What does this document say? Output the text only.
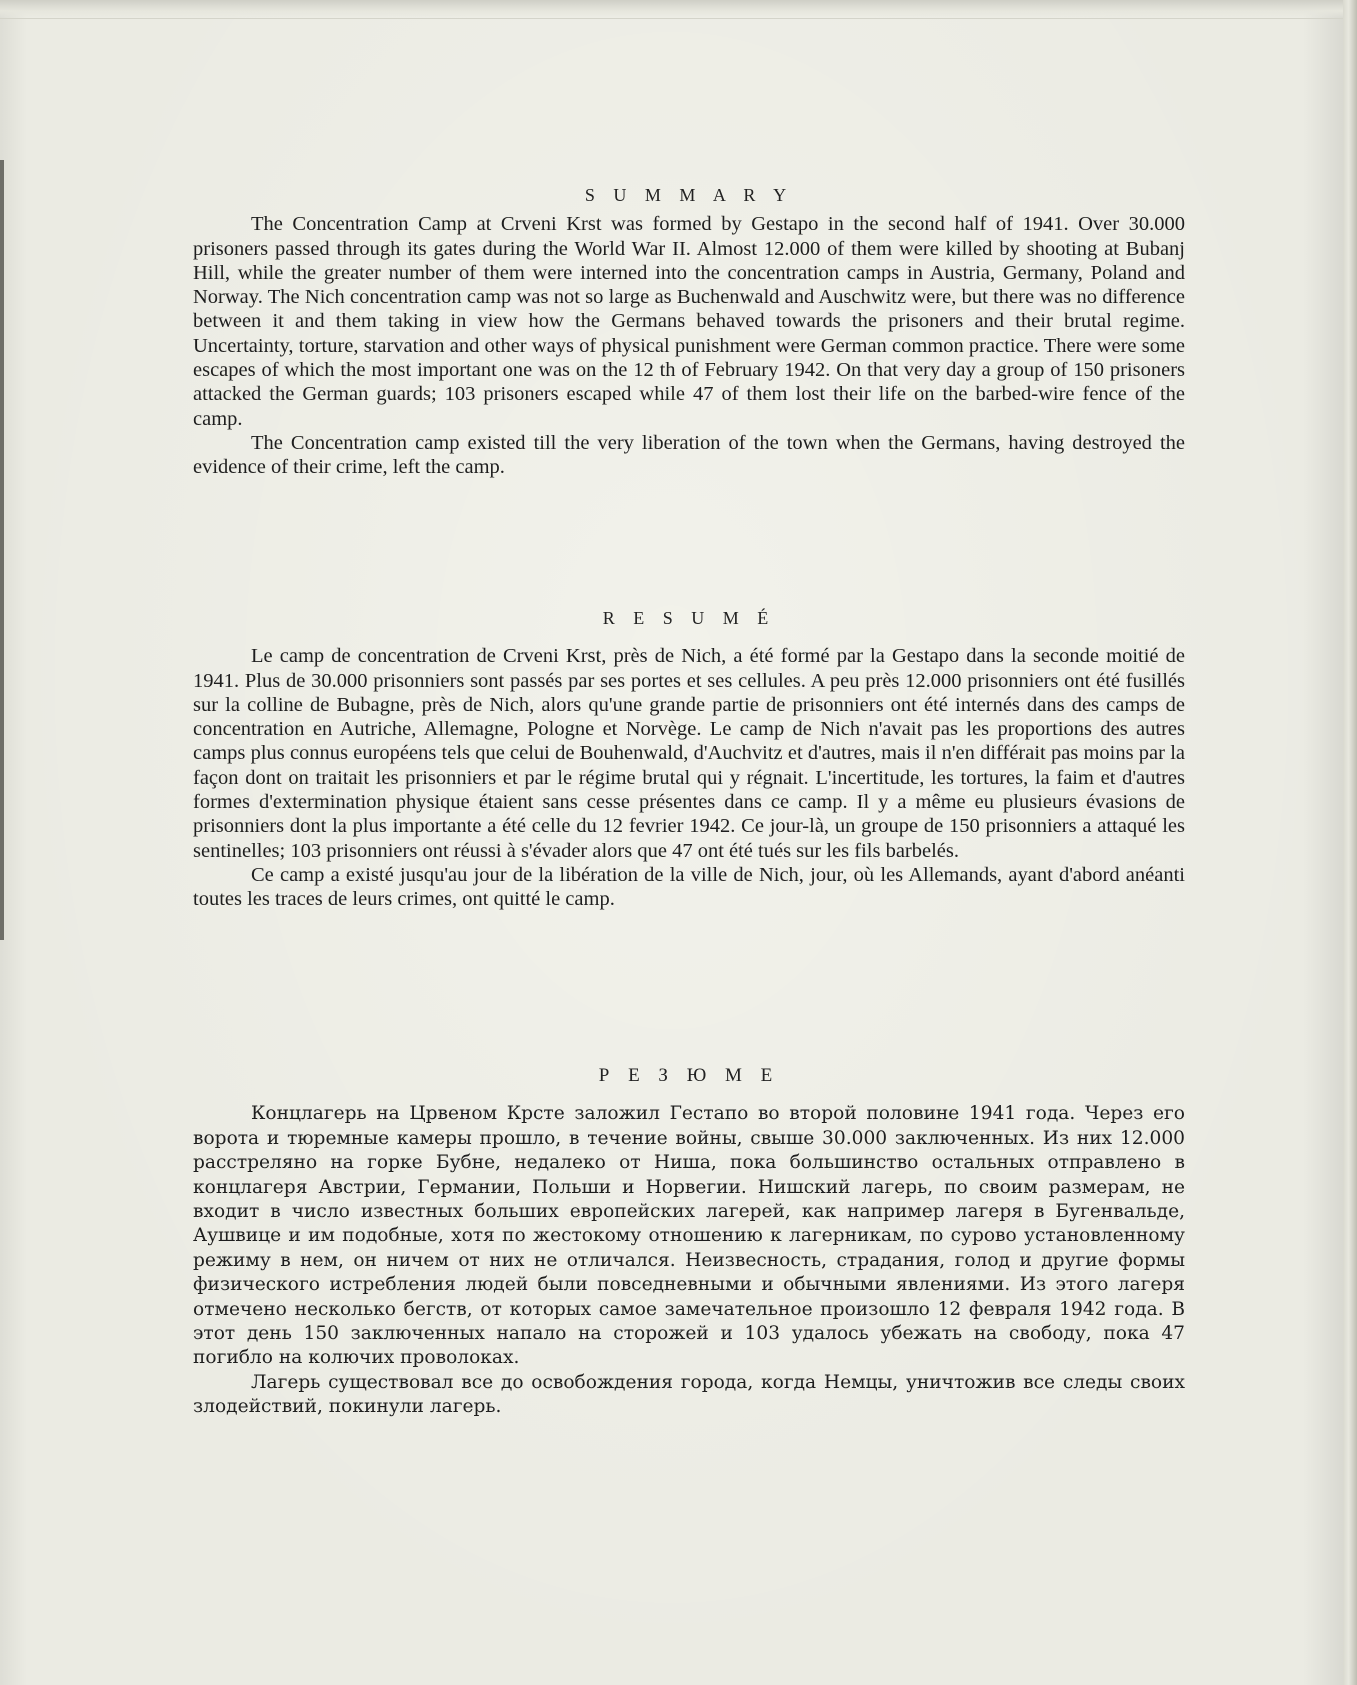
S U M M A R Y

The Concentration Camp at Crveni Krst was formed by Gestapo in the second half of 1941. Over 30.000 prisoners passed through its gates during the World War II. Almost 12.000 of them were killed by shooting at Bubanj Hill, while the greater number of them were interned into the concentration camps in Austria, Germany, Poland and Norway. The Nich concentration camp was not so large as Buchenwald and Auschwitz were, but there was no difference between it and them taking in view how the Germans behaved towards the prisoners and their brutal regime. Uncertainty, torture, starvation and other ways of physical punishment were German common practice. There were some escapes of which the most important one was on the 12 th of February 1942. On that very day a group of 150 prisoners attacked the German guards; 103 prisoners escaped while 47 of them lost their life on the barbed-wire fence of the camp.

The Concentration camp existed till the very liberation of the town when the Germans, having destroyed the evidence of their crime, left the camp.

R E S U M É

Le camp de concentration de Crveni Krst, près de Nich, a été formé par la Gestapo dans la seconde moitié de 1941. Plus de 30.000 prisonniers sont passés par ses portes et ses cellules. A peu près 12.000 prisonniers ont été fusillés sur la colline de Bubagne, près de Nich, alors qu'une grande partie de prisonniers ont été internés dans des camps de concentration en Autriche, Allemagne, Pologne et Norvège. Le camp de Nich n'avait pas les proportions des autres camps plus connus européens tels que celui de Bouhenwald, d'Auchvitz et d'autres, mais il n'en différait pas moins par la façon dont on traitait les prisonniers et par le régime brutal qui y régnait. L'incertitude, les tortures, la faim et d'autres formes d'extermination physique étaient sans cesse présentes dans ce camp. Il y a même eu plusieurs évasions de prisonniers dont la plus importante a été celle du 12 fevrier 1942. Ce jour-là, un groupe de 150 prisonniers a attaqué les sentinelles; 103 prisonniers ont réussi à s'évader alors que 47 ont été tués sur les fils barbelés.

Ce camp a existé jusqu'au jour de la libération de la ville de Nich, jour, où les Allemands, ayant d'abord anéanti toutes les traces de leurs crimes, ont quitté le camp.

Р Е З Ю М Е

Концлагерь на Црвеном Крсте заложил Гестапо во второй половине 1941 года. Через его ворота и тюремные камеры прошло, в течение войны, свыше 30.000 заключенных. Из них 12.000 расстреляно на горке Бубне, недалеко от Ниша, пока большинство остальных отправлено в концлагеря Австрии, Германии, Польши и Норвегии. Нишский лагерь, по своим размерам, не входит в число известных больших европейских лагерей, как например лагеря в Бугенвальде, Аушвице и им подобные, хотя по жестокому отношению к лагерникам, по сурово установленному режиму в нем, он ничем от них не отличался. Неизвесность, страдания, голод и другие формы физического истребления людей были повседневными и обычными явлениями. Из этого лагеря отмечено несколько бегств, от которых самое замечательное произошло 12 февраля 1942 года. В этот день 150 заключенных напало на сторожей и 103 удалось убежать на свободу, пока 47 погибло на колючих проволоках.

Лагерь существовал все до освобождения города, когда Немцы, уничтожив все следы своих злодействий, покинули лагерь.
